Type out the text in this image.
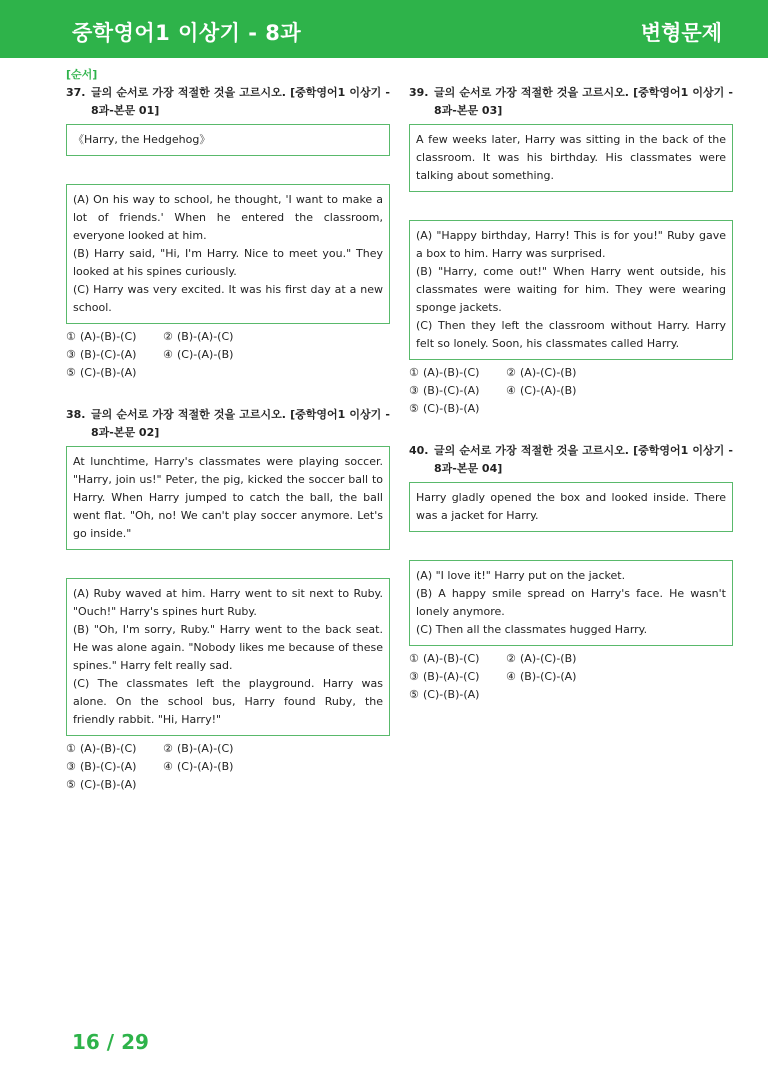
중학영어1 이상기 - 8과	변형문제
[순서]
37. 글의 순서로 가장 적절한 것을 고르시오. [중학영어1 이상기 - 8과-본문 01]

《Harry, the Hedgehog》

(A) On his way to school, he thought, 'I want to make a lot of friends.' When he entered the classroom, everyone looked at him.

(B) Harry said, "Hi, I'm Harry. Nice to meet you." They looked at his spines curiously.

(C) Harry was very excited. It was his first day at a new school.

① (A)-(B)-(C) ② (B)-(A)-(C)
③ (B)-(C)-(A) ④ (C)-(A)-(B)
⑤ (C)-(B)-(A)
38. 글의 순서로 가장 적절한 것을 고르시오. [중학영어1 이상기 - 8과-본문 02]

At lunchtime, Harry's classmates were playing soccer. "Harry, join us!" Peter, the pig, kicked the soccer ball to Harry. When Harry jumped to catch the ball, the ball went flat. "Oh, no! We can't play soccer anymore. Let's go inside."

(A) Ruby waved at him. Harry went to sit next to Ruby. "Ouch!" Harry's spines hurt Ruby.

(B) "Oh, I'm sorry, Ruby." Harry went to the back seat. He was alone again. "Nobody likes me because of these spines." Harry felt really sad.

(C) The classmates left the playground. Harry was alone. On the school bus, Harry found Ruby, the friendly rabbit. "Hi, Harry!"

① (A)-(B)-(C) ② (B)-(A)-(C)
③ (B)-(C)-(A) ④ (C)-(A)-(B)
⑤ (C)-(B)-(A)
39. 글의 순서로 가장 적절한 것을 고르시오. [중학영어1 이상기 - 8과-본문 03]

A few weeks later, Harry was sitting in the back of the classroom. It was his birthday. His classmates were talking about something.

(A) "Happy birthday, Harry! This is for you!" Ruby gave a box to him. Harry was surprised.

(B) "Harry, come out!" When Harry went outside, his classmates were waiting for him. They were wearing sponge jackets.

(C) Then they left the classroom without Harry. Harry felt so lonely. Soon, his classmates called Harry.

① (A)-(B)-(C) ② (A)-(C)-(B)
③ (B)-(C)-(A) ④ (C)-(A)-(B)
⑤ (C)-(B)-(A)
40. 글의 순서로 가장 적절한 것을 고르시오. [중학영어1 이상기 - 8과-본문 04]

Harry gladly opened the box and looked inside. There was a jacket for Harry.

(A) "I love it!" Harry put on the jacket.

(B) A happy smile spread on Harry's face. He wasn't lonely anymore.

(C) Then all the classmates hugged Harry.

① (A)-(B)-(C) ② (A)-(C)-(B)
③ (B)-(A)-(C) ④ (B)-(C)-(A)
⑤ (C)-(B)-(A)
16 / 29
